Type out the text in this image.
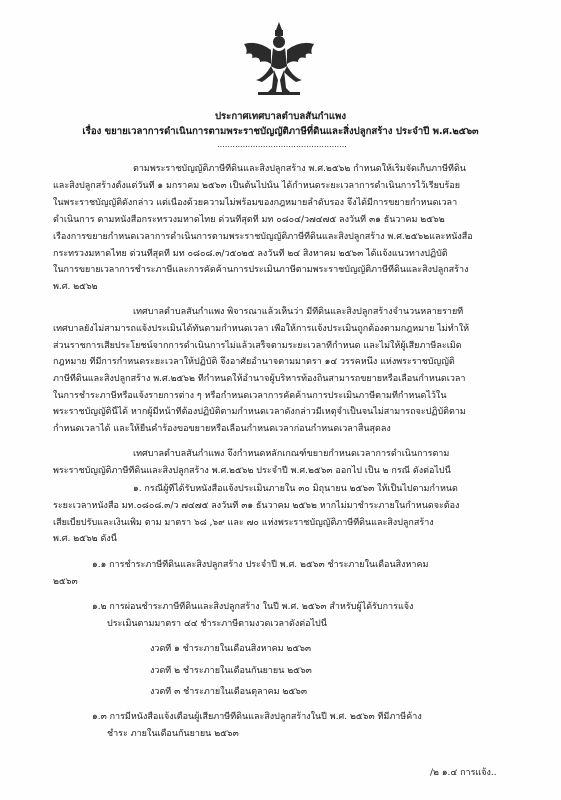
ประกาศเทศบาลตำบลสันกำแพง
เรื่อง ขยายเวลาการดำเนินการตามพระราชบัญญัติภาษีที่ดินและสิ่งปลูกสร้าง ประจำปี พ.ศ.๒๕๖๓
...................................................
ตามพระราชบัญญัติภาษีที่ดินและสิ่งปลูกสร้าง พ.ศ.๒๕๖๒ กำหนดให้เริ่มจัดเก็บภาษีที่ดิน
และสิ่งปลูกสร้างตั้งแต่วันที่ ๑ มกราคม ๒๕๖๓ เป็นต้นไปนั้น ได้กำหนดระยะเวลาการดำเนินการไว้เรียบร้อย
ในพระราชบัญญัติดังกล่าว แต่เนื่องด้วยความไม่พร้อมของกฎหมายลำดับรอง จึงได้มีการขยายกำหนดเวลา
ดำเนินการ ตามหนังสือกระทรวงมหาดไทย ด่วนที่สุดที่ มท ๐๘๐๔/ว๗๔๗๕ ลงวันที่ ๓๑ ธันวาคม ๒๕๖๒
เรื่องการขยายกำหนดเวลาการดำเนินการตามพระราชบัญญัติภาษีที่ดินและสิ่งปลูกสร้าง พ.ศ.๒๕๖๒และหนังสือ
กระทรวงมหาดไทย ด่วนที่สุดที่ มท ๐๘๐๘.๓/ว๕๐๒๕ ลงวันที่ ๒๔ สิงหาคม ๒๕๖๓ ได้แจ้งแนวทางปฏิบัติ
ในการขยายเวลาการชำระภาษีและการคัดค้านการประเมินภาษีตามพระราชบัญญัติภาษีที่ดินและสิ่งปลูกสร้าง
พ.ศ. ๒๕๖๒
เทศบาลตำบลสันกำแพง พิจารณาแล้วเห็นว่า มีที่ดินและสิ่งปลูกสร้างจำนวนหลายรายที่
เทศบาลยังไม่สามารถแจ้งประเมินได้ทันตามกำหนดเวลา เพื่อให้การแจ้งประเมินถูกต้องตามกฎหมาย ไม่ทำให้
ส่วนราชการเสียประโยชน์จากการดำเนินการไม่แล้วเสร็จตามระยะเวลาที่กำหนด และไม่ให้ผู้เสียภาษีละเมิด
กฎหมาย ที่มีการกำหนดระยะเวลาให้ปฏิบัติ จึงอาศัยอำนาจตามมาตรา ๑๔ วรรคหนึ่ง แห่งพระราชบัญญัติ
ภาษีที่ดินและสิ่งปลูกสร้าง พ.ศ.๒๕๖๒ ที่กำหนดให้อำนาจผู้บริหารท้องถิ่นสามารถขยายหรือเลื่อนกำหนดเวลา
ในการชำระภาษีหรือแจ้งรายการต่าง ๆ หรือกำหนดเวลาการคัดค้านการประเมินภาษีตามที่กำหนดไว้ใน
พระราชบัญญัตินี้ได้ หากผู้มีหน้าที่ต้องปฏิบัติตามกำหนดเวลาดังกล่าวมีเหตุจำเป็นจนไม่สามารถจะปฏิบัติตาม
กำหนดเวลาได้ และให้ยื่นคำร้องขอขยายหรือเลื่อนกำหนดเวลาก่อนกำหนดเวลาสิ้นสุดลง
เทศบาลตำบลสันกำแพง จึงกำหนดหลักเกณฑ์ขยายกำหนดเวลาการดำเนินการตาม
พระราชบัญญัติภาษีที่ดินและสิ่งปลูกสร้าง พ.ศ.๒๕๖๒ ประจำปี พ.ศ.๒๕๖๓ ออกไป เป็น ๒ กรณี ดังต่อไปนี้
๑. กรณีผู้ที่ได้รับหนังสือแจ้งประเมินภายใน ๓๐ มิถุนายน ๒๕๖๓ ให้เป็นไปตามกำหนด
ระยะเวลาหนังสือ มท.๐๘๐๘.๓/ว ๗๔๗๕ ลงวันที่ ๓๑ ธันวาคม ๒๕๖๒ หากไม่มาชำระภายในกำหนดจะต้อง
เสียเบี้ยปรับและเงินเพิ่ม ตาม มาตรา ๖๘ ,๖๙ และ ๗๐ แห่งพระราชบัญญัติภาษีที่ดินและสิ่งปลูกสร้าง
พ.ศ. ๒๕๖๒ ดังนี้
๑.๑ การชำระภาษีที่ดินและสิ่งปลูกสร้าง ประจำปี พ.ศ. ๒๕๖๓ ชำระภายในเดือนสิงหาคม
๒๕๖๓
๑.๒ การผ่อนชำระภาษีที่ดินและสิ่งปลูกสร้าง ในปี พ.ศ. ๒๕๖๓ สำหรับผู้ได้รับการแจ้ง
ประเมินตามมาตรา ๔๔ ชำระภาษีตามงวดเวลาดังต่อไปนี้
งวดที่ ๑ ชำระภายในเดือนสิงหาคม ๒๕๖๓
งวดที่ ๒ ชำระภายในเดือนกันยายน ๒๕๖๓
งวดที่ ๓ ชำระภายในเดือนตุลาคม ๒๕๖๓
๑.๓ การมีหนังสือแจ้งเตือนผู้เสียภาษีที่ดินและสิ่งปลูกสร้างในปี พ.ศ. ๒๕๖๓ ที่มีภาษีค้าง
ชำระ ภายในเดือนกันยายน ๒๕๖๓
/๒ ๑.๔ การแจ้ง..
